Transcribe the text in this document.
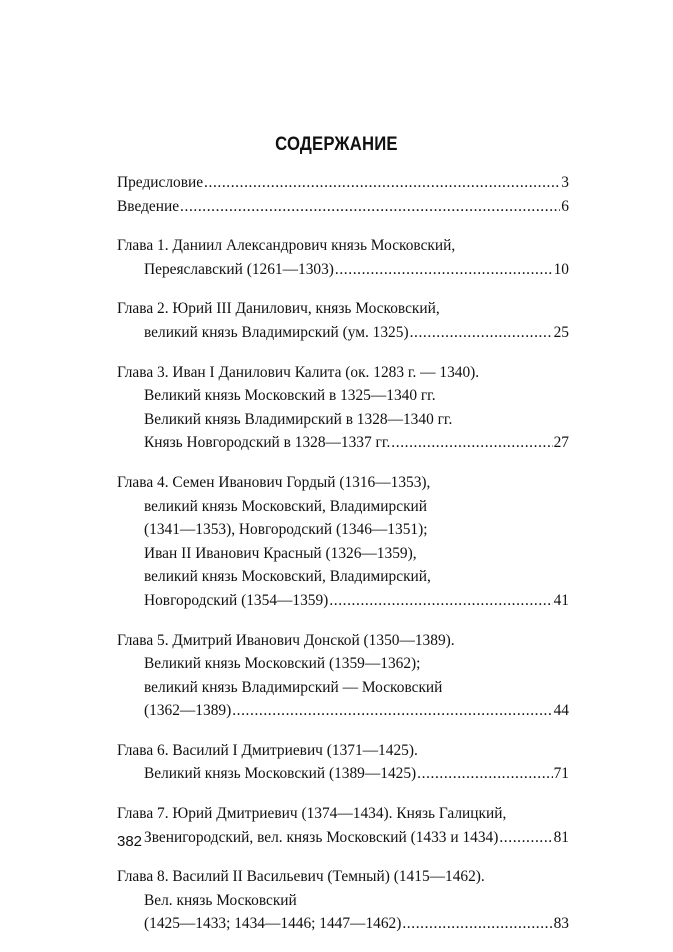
СОДЕРЖАНИЕ
Предисловие .....	3
Введение .....	6
Глава 1. Даниил Александрович князь Московский,
Переяславский (1261—1303) .....	10
Глава 2. Юрий III Данилович, князь Московский,
великий князь Владимирский (ум. 1325) .....	25
Глава 3. Иван I Данилович Калита (ок. 1283 г. — 1340).
Великий князь Московский в 1325—1340 гг.
Великий князь Владимирский в 1328—1340 гг.
Князь Новгородский в 1328—1337 гг. .....	27
Глава 4. Семен Иванович Гордый (1316—1353),
великий князь Московский, Владимирский
(1341—1353), Новгородский (1346—1351);
Иван II Иванович Красный (1326—1359),
великий князь Московский, Владимирский,
Новгородский (1354—1359) .....	41
Глава 5. Дмитрий Иванович Донской (1350—1389).
Великий князь Московский (1359—1362);
великий князь Владимирский — Московский
(1362—1389) .....	44
Глава 6. Василий I Дмитриевич (1371—1425).
Великий князь Московский (1389—1425) .....	71
Глава 7. Юрий Дмитриевич (1374—1434). Князь Галицкий,
Звенигородский, вел. князь Московский (1433 и 1434) .....	81
Глава 8. Василий II Васильевич (Темный) (1415—1462).
Вел. князь Московский
(1425—1433; 1434—1446; 1447—1462) .....	83
382
